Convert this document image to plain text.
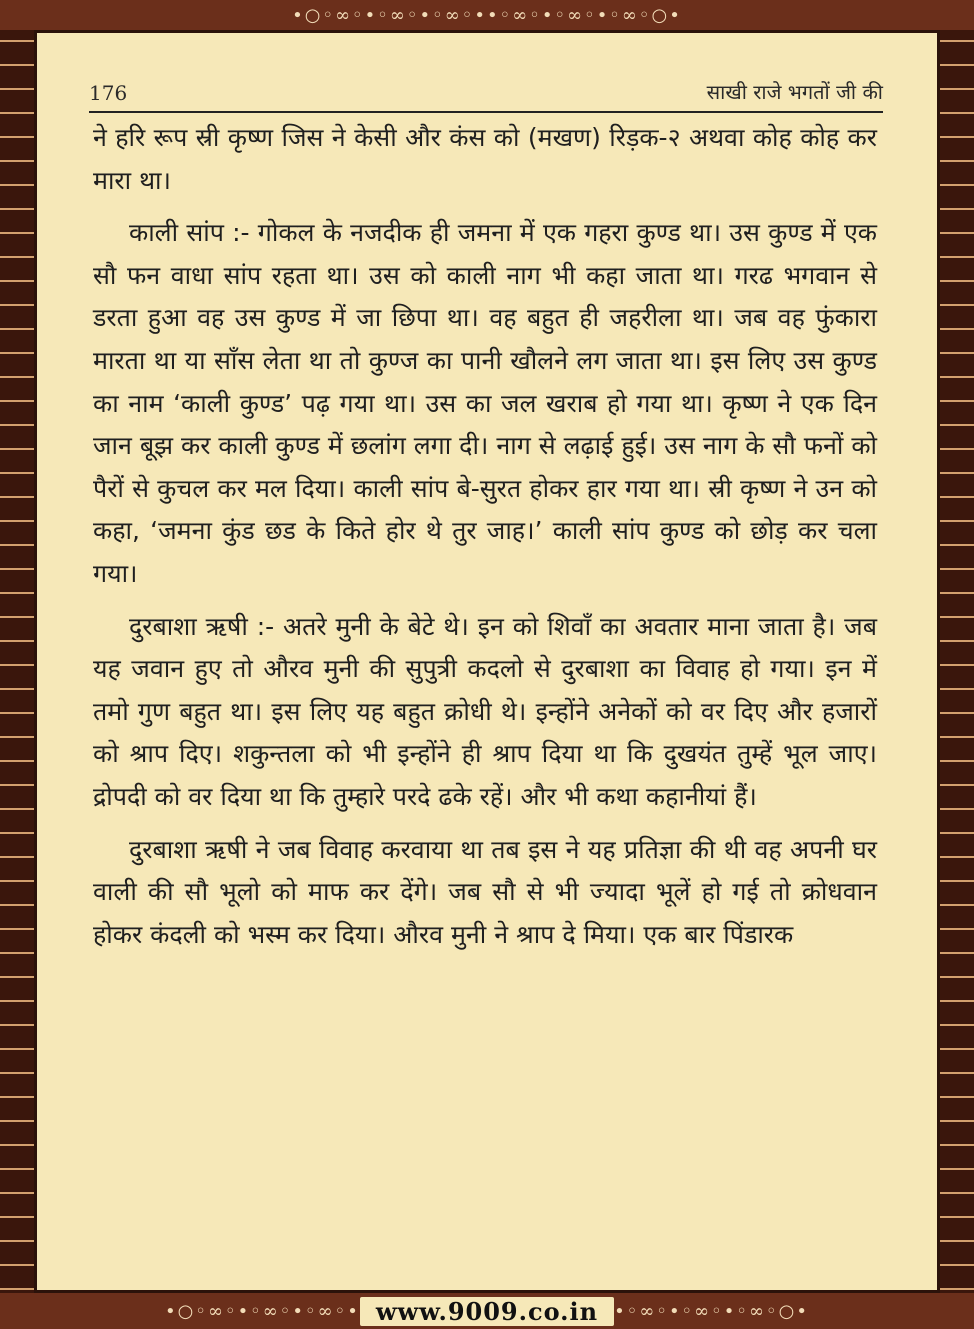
•○◦∞◦•◦∞◦•◦∞◦• •◦∞◦•◦∞◦•◦∞◦○•
176	साखी राजे भगतों जी की

ने हरि रूप स्री कृष्ण जिस ने केसी और कंस को (मखण) रिड़क-२ अथवा कोह कोह कर मारा था।

काली सांप :- गोकल के नजदीक ही जमना में एक गहरा कुण्ड था। उस कुण्ड में एक सौ फन वाधा सांप रहता था। उस को काली नाग भी कहा जाता था। गरढ भगवान से डरता हुआ वह उस कुण्ड में जा छिपा था। वह बहुत ही जहरीला था। जब वह फुंकारा मारता था या साँस लेता था तो कुण्ज का पानी खौलने लग जाता था। इस लिए उस कुण्ड का नाम ‘काली कुण्ड’ पढ़ गया था। उस का जल खराब हो गया था। कृष्ण ने एक दिन जान बूझ कर काली कुण्ड में छलांग लगा दी। नाग से लढ़ाई हुई। उस नाग के सौ फनों को पैरों से कुचल कर मल दिया। काली सांप बे-सुरत होकर हार गया था। स्री कृष्ण ने उन को कहा, ‘जमना कुंड छड के किते होर थे तुर जाह।’ काली सांप कुण्ड को छोड़ कर चला गया।

दुरबाशा ऋषी :- अतरे मुनी के बेटे थे। इन को शिवाँ का अवतार माना जाता है। जब यह जवान हुए तो औरव मुनी की सुपुत्री कदलो से दुरबाशा का विवाह हो गया। इन में तमो गुण बहुत था। इस लिए यह बहुत क्रोधी थे। इन्होंने अनेकों को वर दिए और हजारों को श्राप दिए। शकुन्तला को भी इन्होंने ही श्राप दिया था कि दुखयंत तुम्हें भूल जाए। द्रोपदी को वर दिया था कि तुम्हारे परदे ढके रहें। और भी कथा कहानीयां हैं।

दुरबाशा ऋषी ने जब विवाह करवाया था तब इस ने यह प्रतिज्ञा की थी वह अपनी घर वाली की सौ भूलो को माफ कर देंगे। जब सौ से भी ज्यादा भूलें हो गई तो क्रोधवान होकर कंदली को भस्म कर दिया। औरव मुनी ने श्राप दे मिया। एक बार पिंडारक

•○◦∞◦•◦∞◦•◦∞◦• www.9009.co.in •◦∞◦•◦∞◦•◦∞◦○•
